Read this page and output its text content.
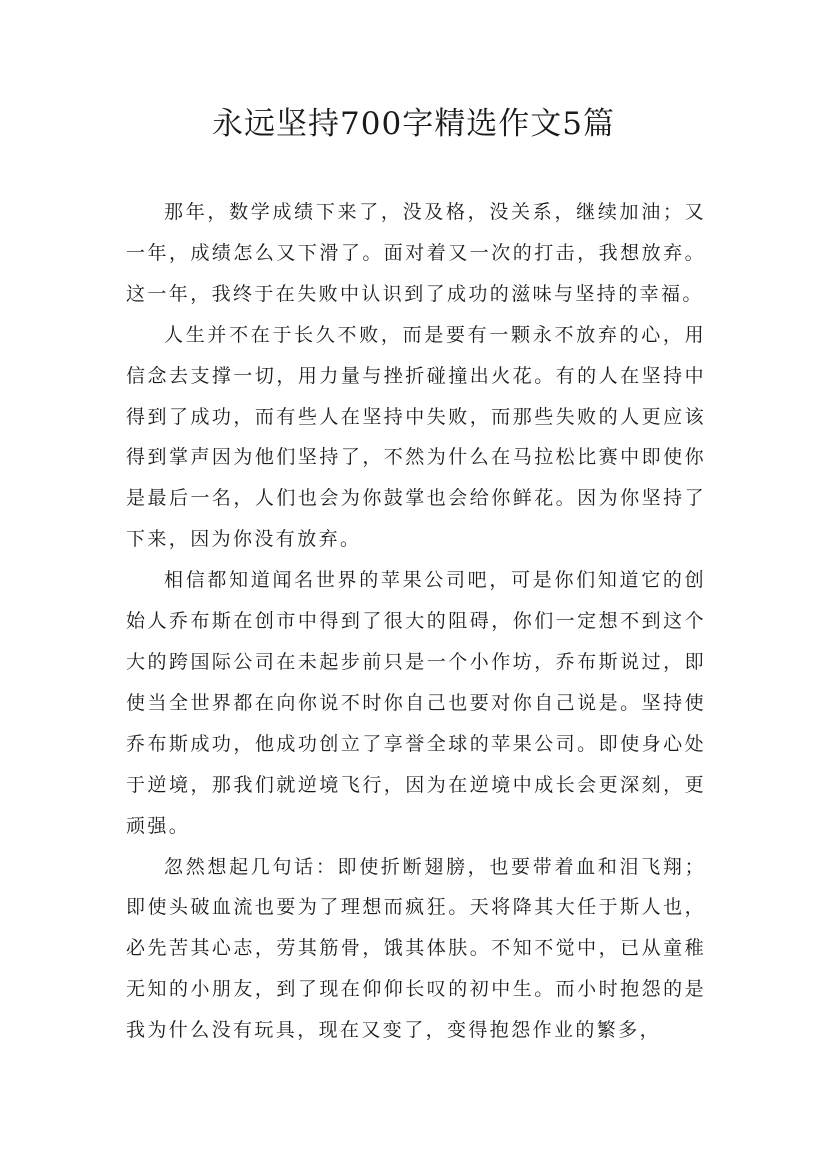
永远坚持700字精选作文5篇

那年，数学成绩下来了，没及格，没关系，继续加油；又一年，成绩怎么又下滑了。面对着又一次的打击，我想放弃。这一年，我终于在失败中认识到了成功的滋味与坚持的幸福。

人生并不在于长久不败，而是要有一颗永不放弃的心，用信念去支撑一切，用力量与挫折碰撞出火花。有的人在坚持中得到了成功，而有些人在坚持中失败，而那些失败的人更应该得到掌声因为他们坚持了，不然为什么在马拉松比赛中即使你是最后一名，人们也会为你鼓掌也会给你鲜花。因为你坚持了下来，因为你没有放弃。

相信都知道闻名世界的苹果公司吧，可是你们知道它的创始人乔布斯在创市中得到了很大的阻碍，你们一定想不到这个大的跨国际公司在未起步前只是一个小作坊，乔布斯说过，即使当全世界都在向你说不时你自己也要对你自己说是。坚持使乔布斯成功，他成功创立了享誉全球的苹果公司。即使身心处于逆境，那我们就逆境飞行，因为在逆境中成长会更深刻，更顽强。

忽然想起几句话：即使折断翅膀，也要带着血和泪飞翔；即使头破血流也要为了理想而疯狂。天将降其大任于斯人也，必先苦其心志，劳其筋骨，饿其体肤。不知不觉中，已从童稚无知的小朋友，到了现在仰仰长叹的初中生。而小时抱怨的是我为什么没有玩具，现在又变了，变得抱怨作业的繁多，
